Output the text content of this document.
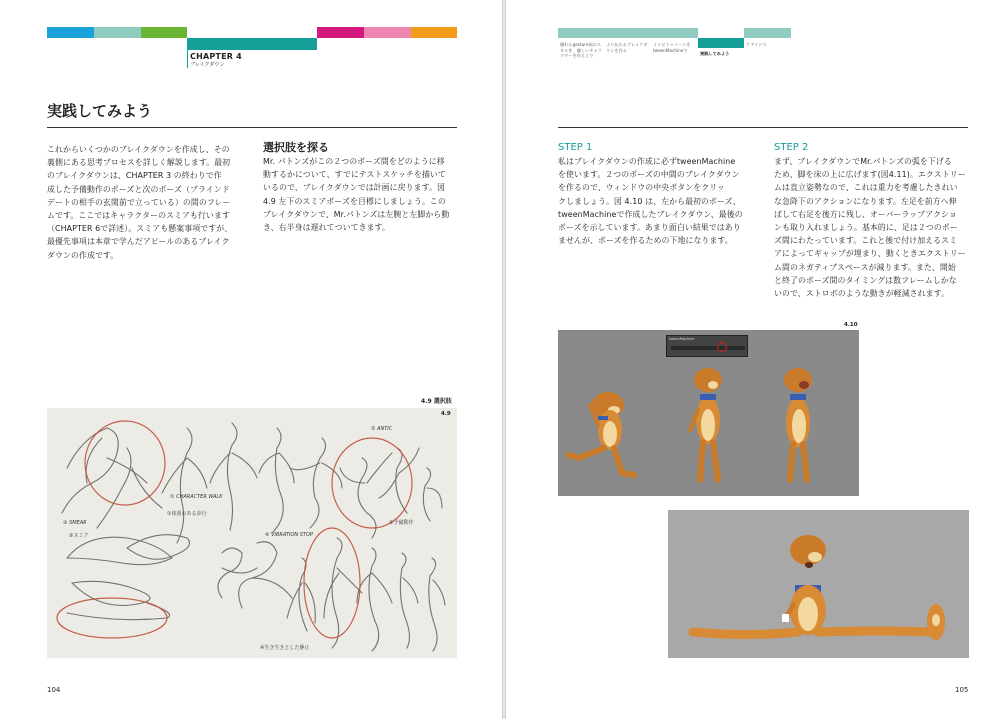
CHAPTER 4
ブレイクダウン
実践してみよう
これからいくつかのブレイクダウンを作成し、その
裏側にある思考プロセスを詳しく解説します。最初
のブレイクダウンは、CHAPTER 3 の終わりで作
成した予備動作のポーズと次のポーズ（ブラインド
デートの相手の玄関前で立っている）の間のフレー
ムです。ここではキャラクターのスミアも行います
（CHAPTER 6で詳述）。スミアも懸案事項ですが、
最優先事項は本章で学んだアピールのあるブレイク
ダウンの作成です。
選択肢を探る
Mr. パトンズがこの２つのポーズ間をどのように移
動するかについて、すでにテストスケッチを描いて
いるので、ブレイクダウンでは計画に戻ります。図
4.9 左下のスミアポーズを目標にしましょう。この
ブレイクダウンで、Mr.パトンズは左腕と左脚から動
き、右半身は遅れてついてきます。
4.9 選択肢
4.9
① CHARACTER WALK
①体重のある歩行
② ANTIC
②予備動作
③ SMEAR
③スミア	④ VIBRATION STOP
④生き生きとした静止
104
優れたgesture画のスキルを、優しいキャラクターを作る上で
より伝わるブレイクダウンを作る
インビトゥイーンをtweenMachineで
実践してみよう
ケアイドス
STEP 1
私はブレイクダウンの作成に必ずtweenMachine
を使います。２つのポーズの中間のブレイクダウン
を作るので、ウィンドウの中央ボタンをクリッ
クしましょう。図 4.10 は、左から最初のポーズ、
tweenMachineで作成したブレイクダウン、最後の
ポーズを示しています。あまり面白い結果ではあり
ませんが、ポーズを作るための下地になります。
STEP 2
まず、ブレイクダウンでMr.パトンズの弧を下げる
ため、脚を床の上に広げます(図4.11)。エクストリー
ムは直立姿勢なので、これは重力を考慮したきれい
な急降下のアクションになります。左足を前方へ伸
ばして右足を後方に残し、オーバーラップアクショ
ンも取り入れましょう。基本的に、足は２つのポー
ズ間にわたっています。これと後で付け加えるスミ
アによってギャップが埋まり、動くときエクストリー
ム間のネガティブスペースが減ります。また、開始
と終了のポーズ間のタイミングは数フレームしかな
いので、ストロボのような動きが軽減されます。
4.10
tweenMachine
105
